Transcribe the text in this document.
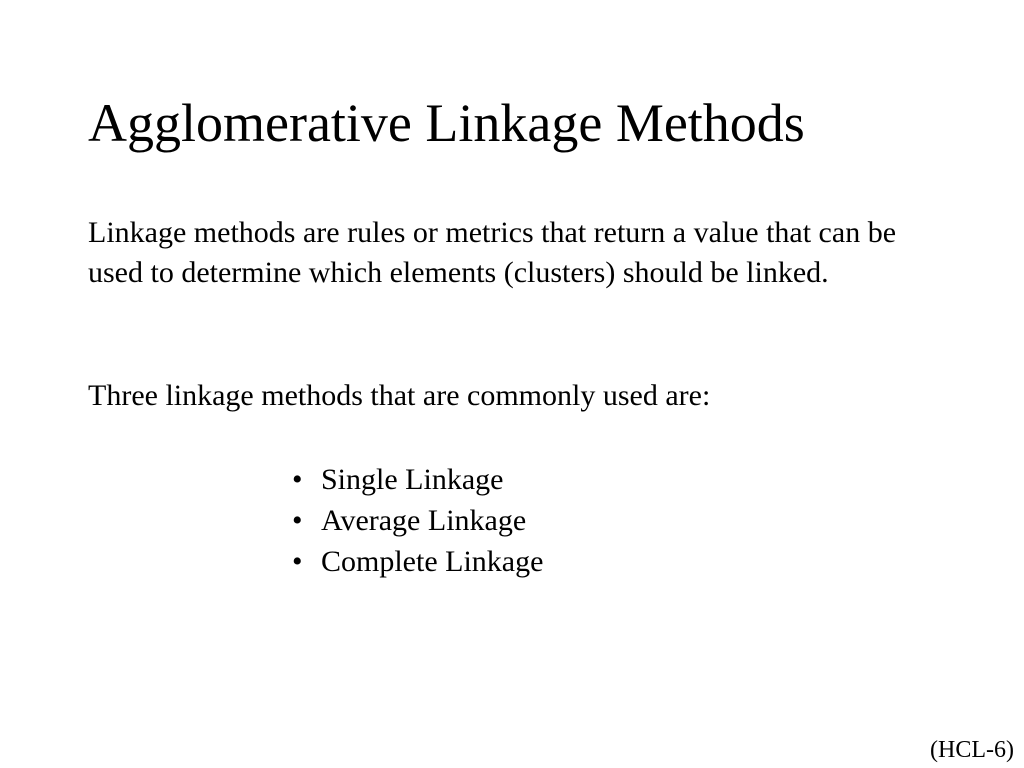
Agglomerative Linkage Methods

Linkage methods are rules or metrics that return a value that can be used to determine which elements (clusters) should be linked.

Three linkage methods that are commonly used are:

• Single Linkage
• Average Linkage
• Complete Linkage

(HCL-6)
